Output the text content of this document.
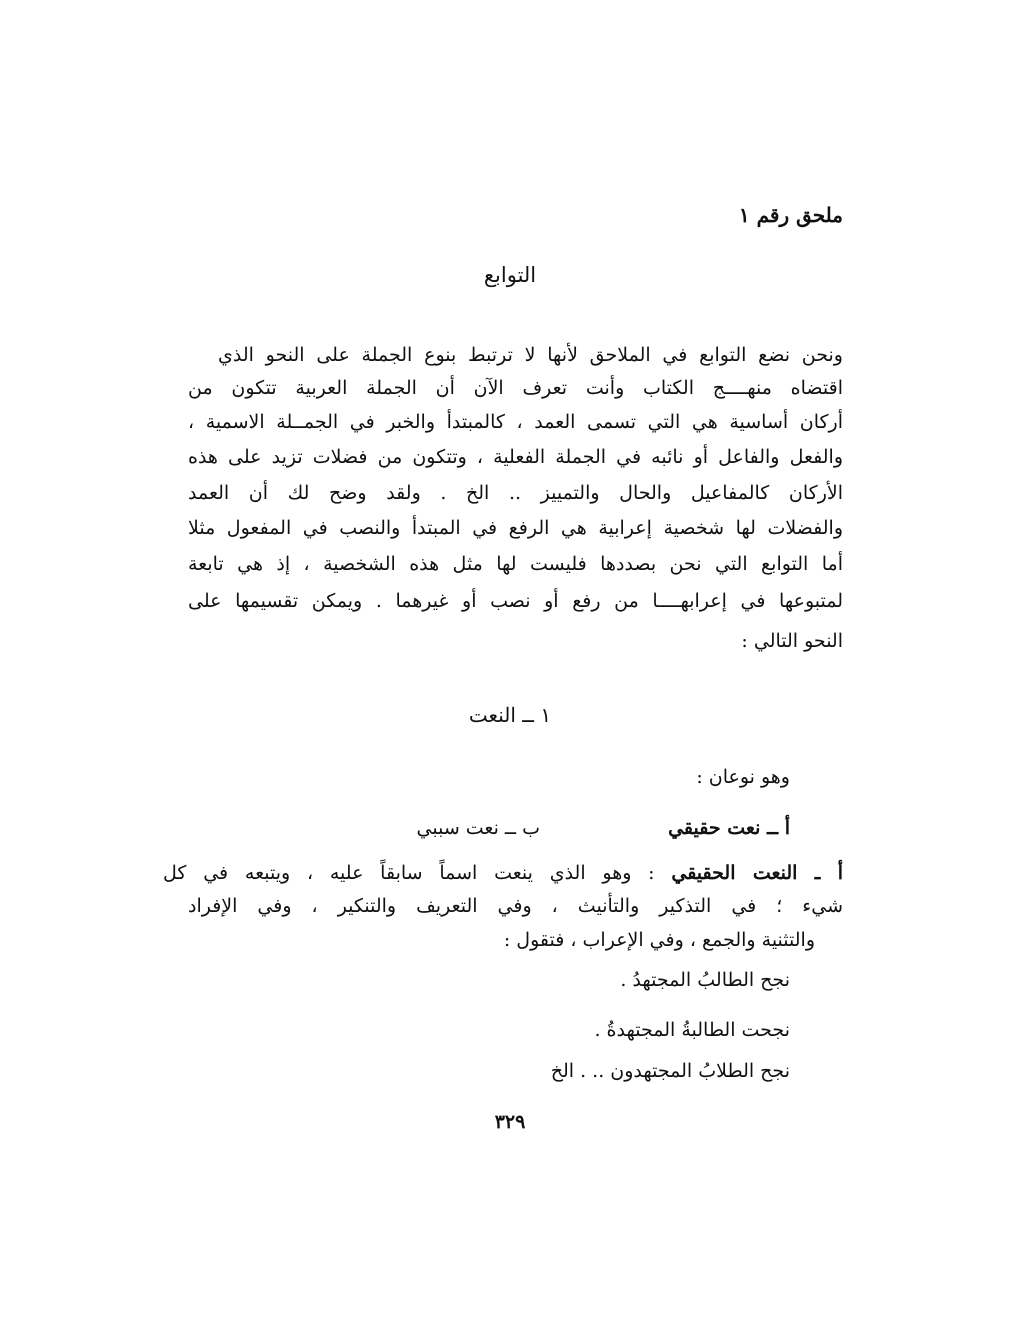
ملحق رقم ١
التوابع
ونحن نضع التوابع في الملاحق لأنها لا ترتبط بنوع الجملة على النحو الذي
اقتضاه منهــــج الكتاب وأنت تعرف الآن أن الجملة العربية تتكون من
أركان أساسية هي التي تسمى العمد ، كالمبتدأ والخبر في الجمــلة الاسمية ،
والفعل والفاعل أو نائبه في الجملة الفعلية ، وتتكون من فضلات تزيد على هذه
الأركان كالمفاعيل والحال والتمييز .. الخ . ولقد وضح لك أن العمد
والفضلات لها شخصية إعرابية هي الرفع في المبتدأ والنصب في المفعول مثلا
أما التوابع التي نحن بصددها فليست لها مثل هذه الشخصية ، إذ هي تابعة
لمتبوعها في إعرابهــــا من رفع أو نصب أو غيرهما . ويمكن تقسيمها على
النحو التالي :
١ ــ النعت
وهو نوعان :
أ ــ نعت حقيقي
ب ــ نعت سببي
أ ـ النعت الحقيقي : وهو الذي ينعت اسماً سابقاً عليه ، ويتبعه في كل
شيء ؛ في التذكير والتأنيث ، وفي التعريف والتنكير ، وفي الإفراد
والتثنية والجمع ، وفي الإعراب ، فتقول :
نجح الطالبُ المجتهدُ .
نجحت الطالبةُ المجتهدةُ .
نجح الطلابُ المجتهدون .. . الخ
٣٢٩
